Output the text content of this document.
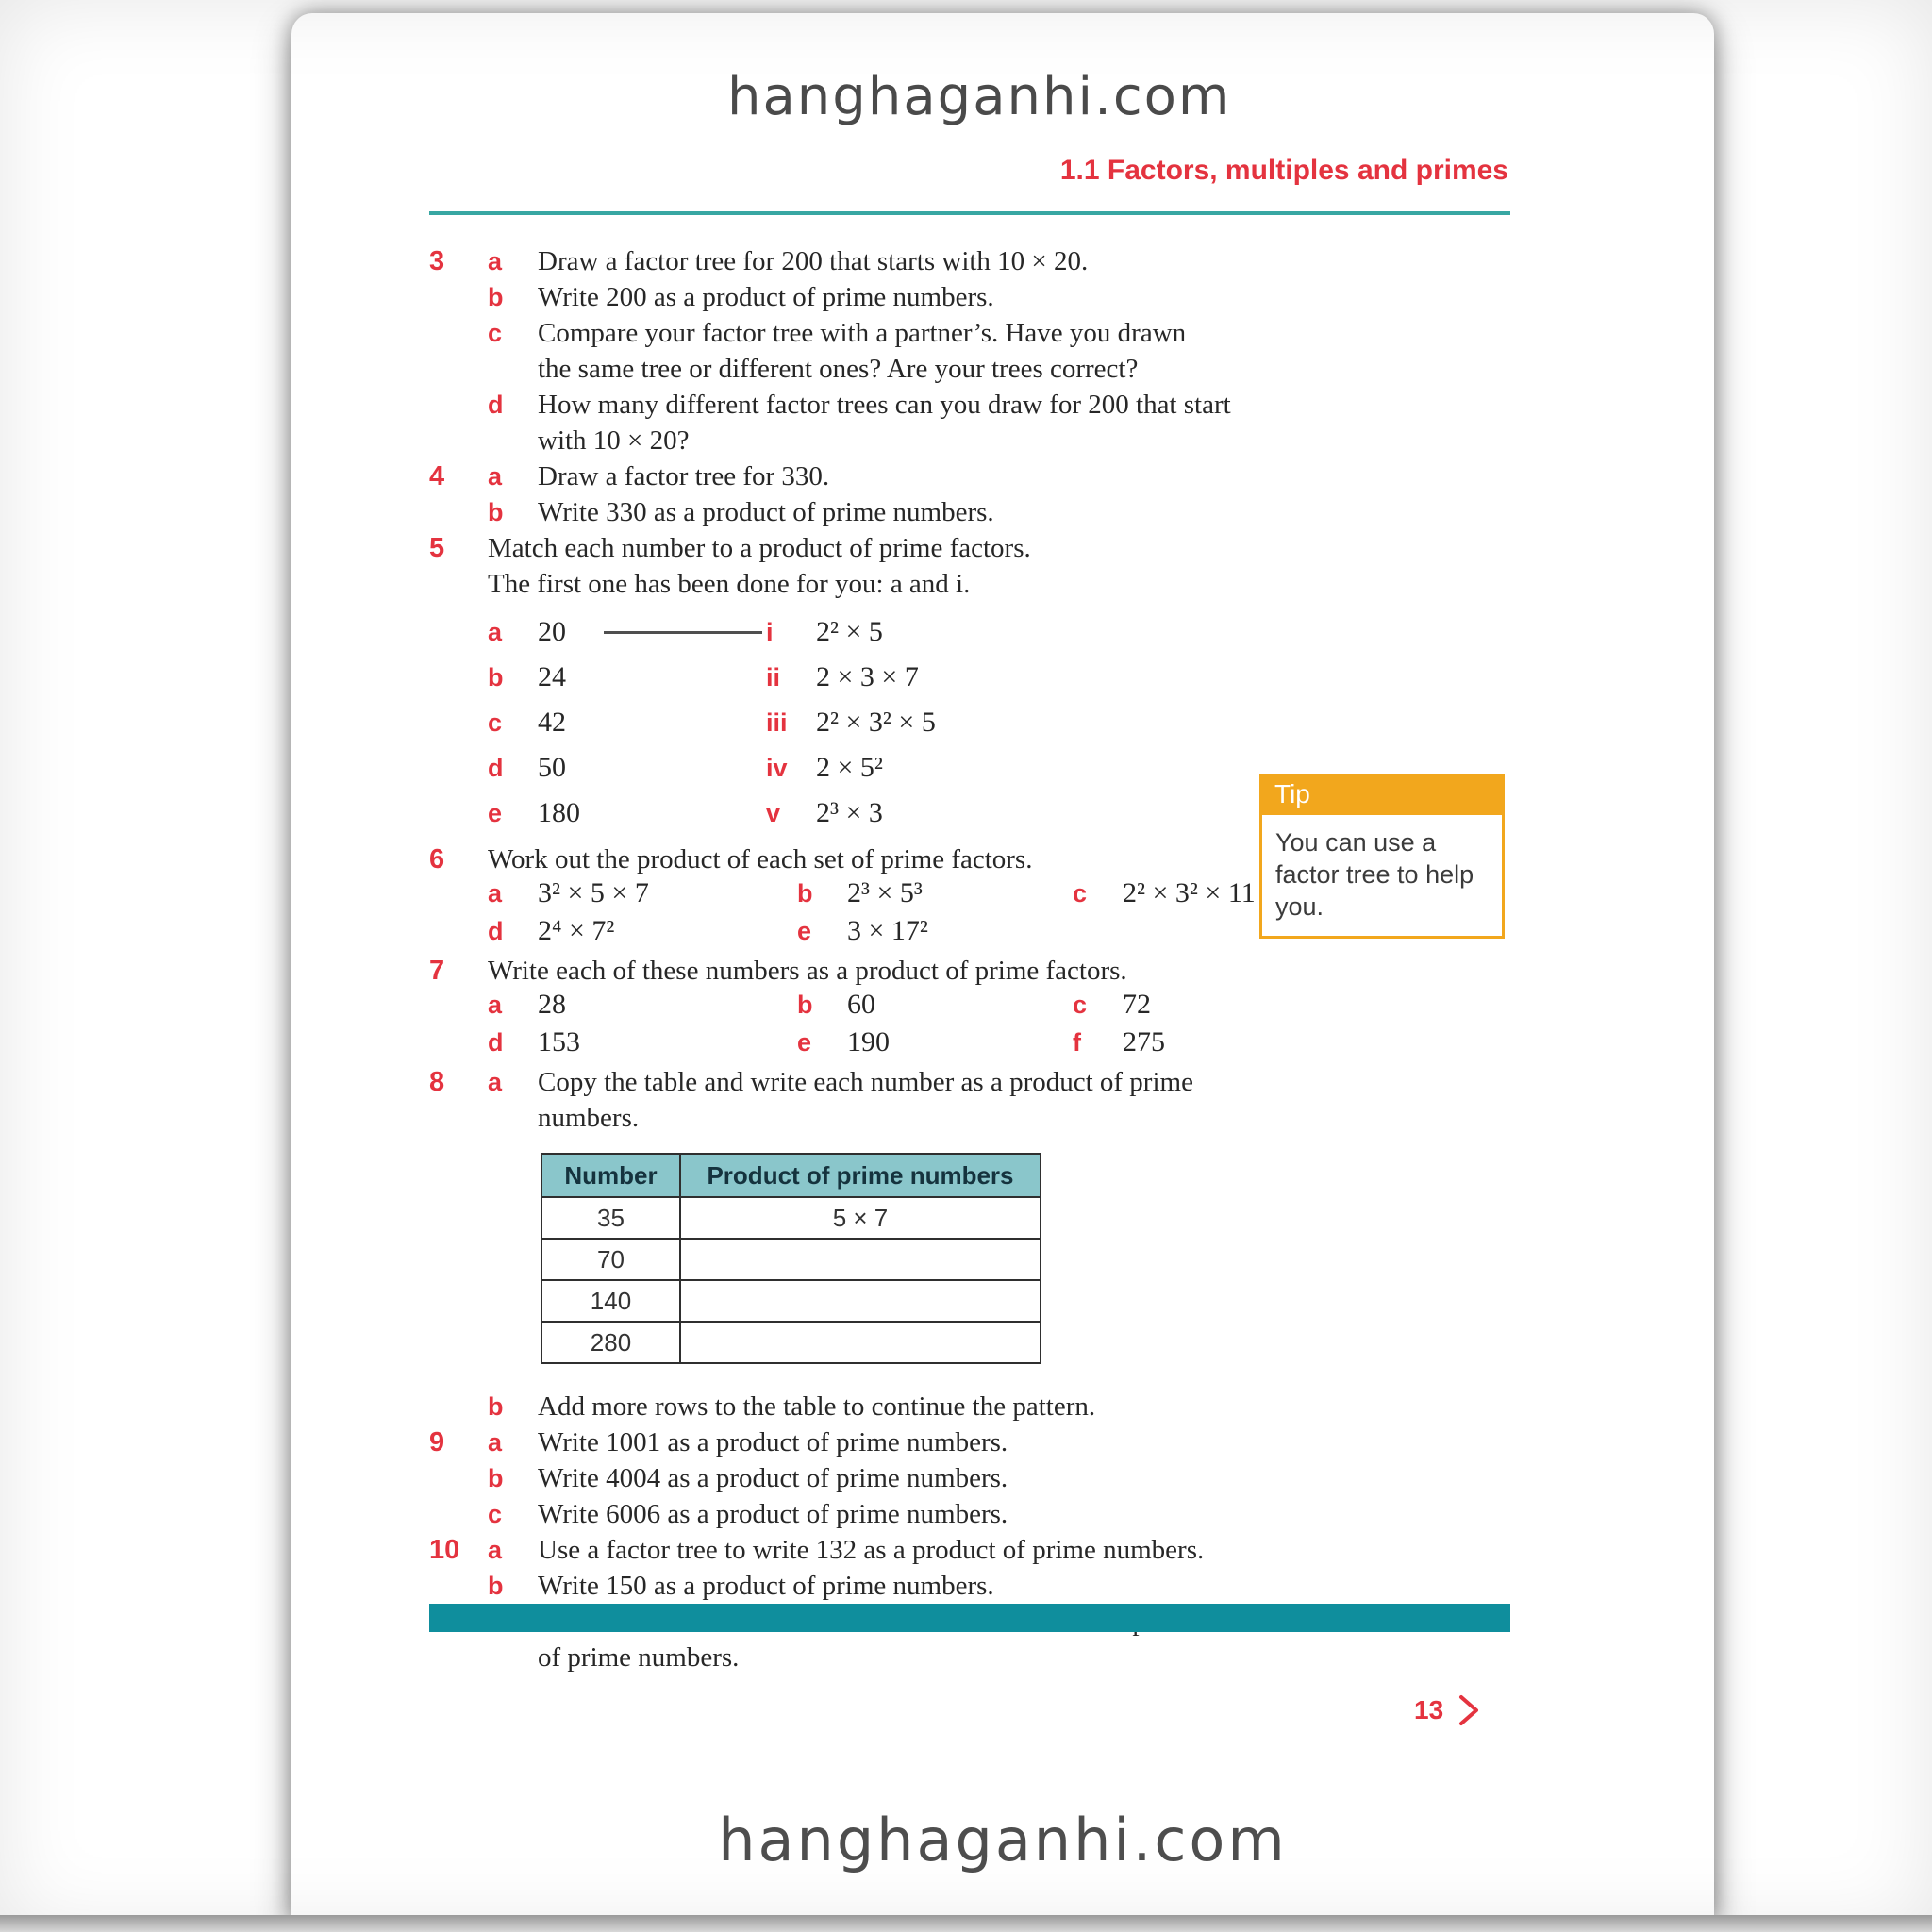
hanghaganhi.com
1.1 Factors, multiples and primes
3	a	Draw a factor tree for 200 that starts with 10 × 20.
b	Write 200 as a product of prime numbers.
c	Compare your factor tree with a partner’s. Have you drawn
the same tree or different ones? Are your trees correct?
d	How many different factor trees can you draw for 200 that start
with 10 × 20?
4	a	Draw a factor tree for 330.
b	Write 330 as a product of prime numbers.
5	Match each number to a product of prime factors.
The first one has been done for you: a and i.
a	20	i	2² × 5
b	24	ii	2 × 3 × 7
c	42	iii	2² × 3² × 5
d	50	iv	2 × 5²
e	180	v	2³ × 3
6	Work out the product of each set of prime factors.
a	3² × 5 × 7	b	2³ × 5³	c	2² × 3² × 11
d	2⁴ × 7²	e	3 × 17²
7	Write each of these numbers as a product of prime factors.
a	28	b	60	c	72
d	153	e	190	f	275
8	a	Copy the table and write each number as a product of prime
numbers.
Number	Product of prime numbers
35	5 × 7
70	
140	
280	
b	Add more rows to the table to continue the pattern.
9	a	Write 1001 as a product of prime numbers.
b	Write 4004 as a product of prime numbers.
c	Write 6006 as a product of prime numbers.
10	a	Use a factor tree to write 132 as a product of prime numbers.
b	Write 150 as a product of prime numbers.
of prime numbers.
Tip
You can use a
factor tree to help
you.
13
hanghaganhi.com
